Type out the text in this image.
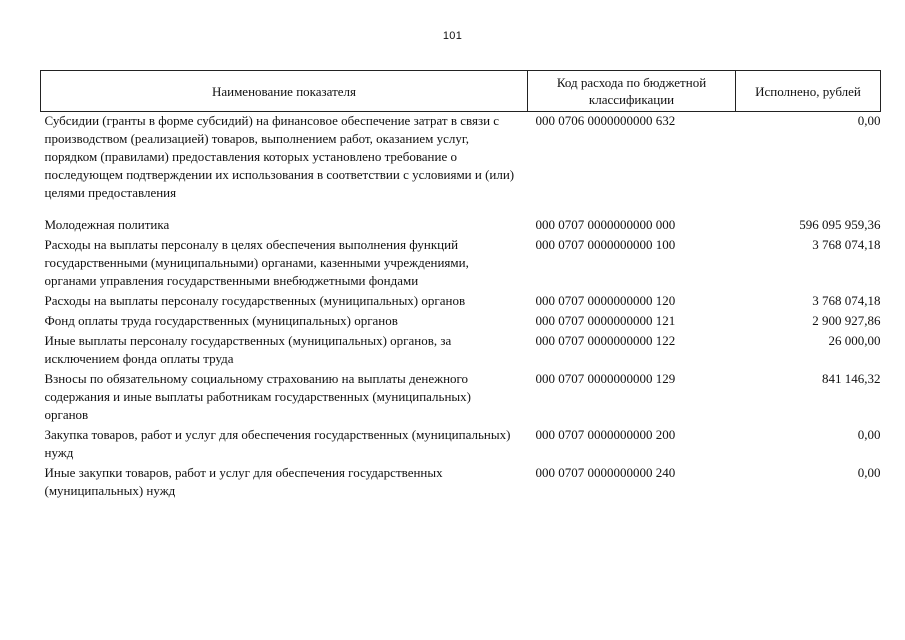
101
Наименование показателя	Код расхода по бюджетной классификации	Исполнено, рублей
Субсидии (гранты в форме субсидий) на финансовое обеспечение затрат в связи с производством (реализацией) товаров, выполнением работ, оказанием услуг, порядком (правилами) предоставления которых установлено требование о последующем подтверждении их использования в соответствии с условиями и (или) целями предоставления	000 0706 0000000000 632	0,00
Молодежная политика	000 0707 0000000000 000	596 095 959,36
Расходы на выплаты персоналу в целях обеспечения выполнения функций государственными (муниципальными) органами, казенными учреждениями, органами управления государственными внебюджетными фондами	000 0707 0000000000 100	3 768 074,18
Расходы на выплаты персоналу государственных (муниципальных) органов	000 0707 0000000000 120	3 768 074,18
Фонд оплаты труда государственных (муниципальных) органов	000 0707 0000000000 121	2 900 927,86
Иные выплаты персоналу государственных (муниципальных) органов, за исключением фонда оплаты труда	000 0707 0000000000 122	26 000,00
Взносы по обязательному социальному страхованию на выплаты денежного содержания и иные выплаты работникам государственных (муниципальных) органов	000 0707 0000000000 129	841 146,32
Закупка товаров, работ и услуг для обеспечения государственных (муниципальных) нужд	000 0707 0000000000 200	0,00
Иные закупки товаров, работ и услуг для обеспечения государственных (муниципальных) нужд	000 0707 0000000000 240	0,00
